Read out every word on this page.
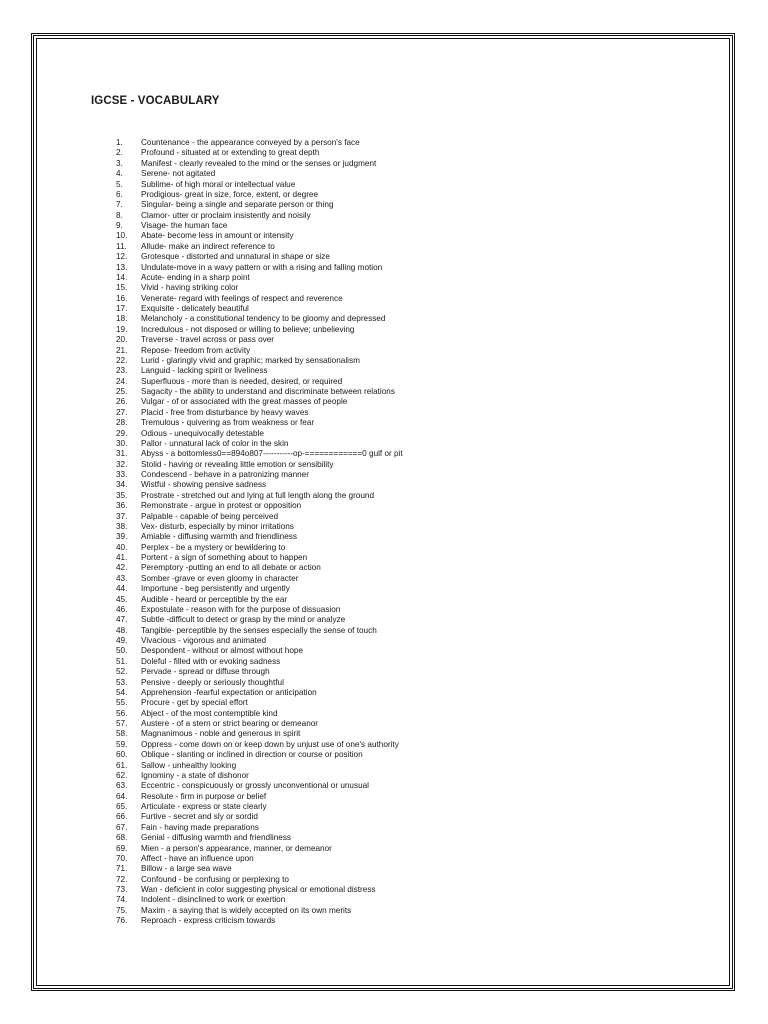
IGCSE - VOCABULARY
1.	Countenance - the appearance conveyed by a person's face
2.	Profound - situated at or extending to great depth
3.	Manifest - clearly revealed to the mind or the senses or judgment
4.	Serene- not agitated
5.	Sublime- of high moral or intellectual value
6.	Prodigious- great in size, force, extent, or degree
7.	Singular- being a single and separate person or thing
8.	Clamor- utter or proclaim insistently and noisily
9.	Visage- the human face
10.	Abate- become less in amount or intensity
11.	Allude- make an indirect reference to
12.	Grotesque - distorted and unnatural in shape or size
13.	Undulate-move in a wavy pattern or with a rising and falling motion
14.	Acute- ending in a sharp point
15.	Vivid - having striking color
16.	Venerate- regard with feelings of respect and reverence
17.	Exquisite - delicately beautiful
18.	Melancholy - a constitutional tendency to be gloomy and depressed
19.	Incredulous - not disposed or willing to believe; unbelieving
20.	Traverse - travel across or pass over
21.	Repose- freedom from activity
22.	Lurid - glaringly vivid and graphic; marked by sensationalism
23.	Languid - lacking spirit or liveliness
24.	Superfluous - more than is needed, desired, or required
25.	Sagacity - the ability to understand and discriminate between relations
26.	Vulgar - of or associated with the great masses of people
27.	Placid - free from disturbance by heavy waves
28.	Tremulous - quivering as from weakness or fear
29.	Odious - unequivocally detestable
30.	Pallor - unnatural lack of color in the skin
31.	Abyss - a bottomless0==894o807-----------op-============0 gulf or pit
32.	Stolid - having or revealing little emotion or sensibility
33.	Condescend - behave in a patronizing manner
34.	Wistful - showing pensive sadness
35.	Prostrate - stretched out and lying at full length along the ground
36.	Remonstrate - argue in protest or opposition
37.	Palpable - capable of being perceived
38.	Vex- disturb, especially by minor irritations
39.	Amiable - diffusing warmth and friendliness
40.	Perplex - be a mystery or bewildering to
41.	Portent - a sign of something about to happen
42.	Peremptory -putting an end to all debate or action
43.	Somber -grave or even gloomy in character
44.	Importune - beg persistently and urgently
45.	Audible - heard or perceptible by the ear
46.	Expostulate - reason with for the purpose of dissuasion
47.	Subtle -difficult to detect or grasp by the mind or analyze
48.	Tangible- perceptible by the senses especially the sense of touch
49.	Vivacious - vigorous and animated
50.	Despondent - without or almost without hope
51.	Doleful - filled with or evoking sadness
52.	Pervade - spread or diffuse through
53.	Pensive - deeply or seriously thoughtful
54.	Apprehension -fearful expectation or anticipation
55.	Procure - get by special effort
56.	Abject - of the most contemptible kind
57.	Austere - of a stern or strict bearing or demeanor
58.	Magnanimous - noble and generous in spirit
59.	Oppress - come down on or keep down by unjust use of one's authority
60.	Oblique - slanting or inclined in direction or course or position
61.	Sallow - unhealthy looking
62.	Ignominy - a state of dishonor
63.	Eccentric - conspicuously or grossly unconventional or unusual
64.	Resolute - firm in purpose or belief
65.	Articulate - express or state clearly
66.	Furtive - secret and sly or sordid
67.	Fain - having made preparations
68.	Genial - diffusing warmth and friendliness
69.	Mien - a person's appearance, manner, or demeanor
70.	Affect - have an influence upon
71.	Billow - a large sea wave
72.	Confound - be confusing or perplexing to
73.	Wan - deficient in color suggesting physical or emotional distress
74.	Indolent - disinclined to work or exertion
75.	Maxim - a saying that is widely accepted on its own merits
76.	Reproach - express criticism towards
